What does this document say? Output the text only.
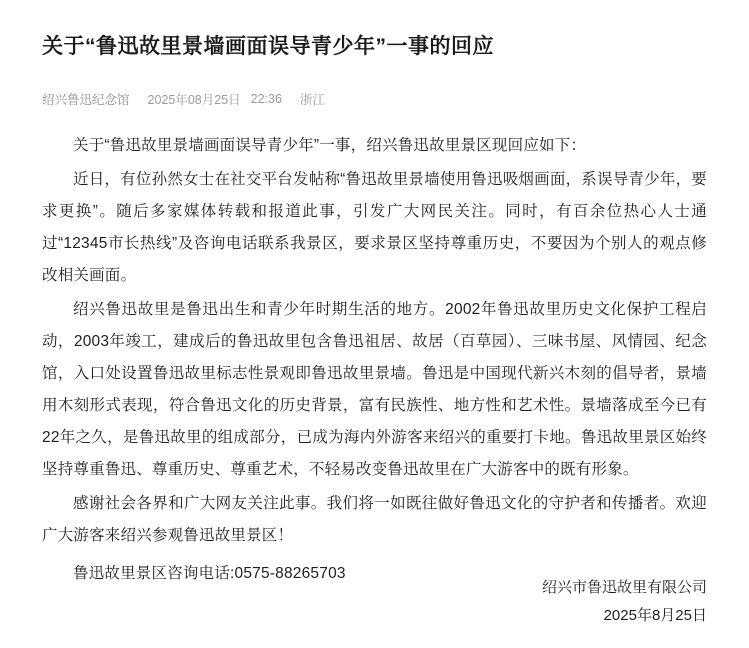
关于“鲁迅故里景墙画面误导青少年”一事的回应
绍兴鲁迅纪念馆 2025年08月25日 22:36 浙江

关于“鲁迅故里景墙画面误导青少年”一事，绍兴鲁迅故里景区现回应如下：

近日，有位孙然女士在社交平台发帖称“鲁迅故里景墙使用鲁迅吸烟画面，系误导青少年，要求更换”。随后多家媒体转载和报道此事，引发广大网民关注。同时，有百余位热心人士通过“12345市长热线”及咨询电话联系我景区，要求景区坚持尊重历史，不要因为个别人的观点修改相关画面。

绍兴鲁迅故里是鲁迅出生和青少年时期生活的地方。2002年鲁迅故里历史文化保护工程启动，2003年竣工，建成后的鲁迅故里包含鲁迅祖居、故居（百草园）、三味书屋、风情园、纪念馆，入口处设置鲁迅故里标志性景观即鲁迅故里景墙。鲁迅是中国现代新兴木刻的倡导者，景墙用木刻形式表现，符合鲁迅文化的历史背景，富有民族性、地方性和艺术性。景墙落成至今已有22年之久，是鲁迅故里的组成部分，已成为海内外游客来绍兴的重要打卡地。鲁迅故里景区始终坚持尊重鲁迅、尊重历史、尊重艺术，不轻易改变鲁迅故里在广大游客中的既有形象。

感谢社会各界和广大网友关注此事。我们将一如既往做好鲁迅文化的守护者和传播者。欢迎广大游客来绍兴参观鲁迅故里景区！

鲁迅故里景区咨询电话:0575-88265703

绍兴市鲁迅故里有限公司
2025年8月25日
